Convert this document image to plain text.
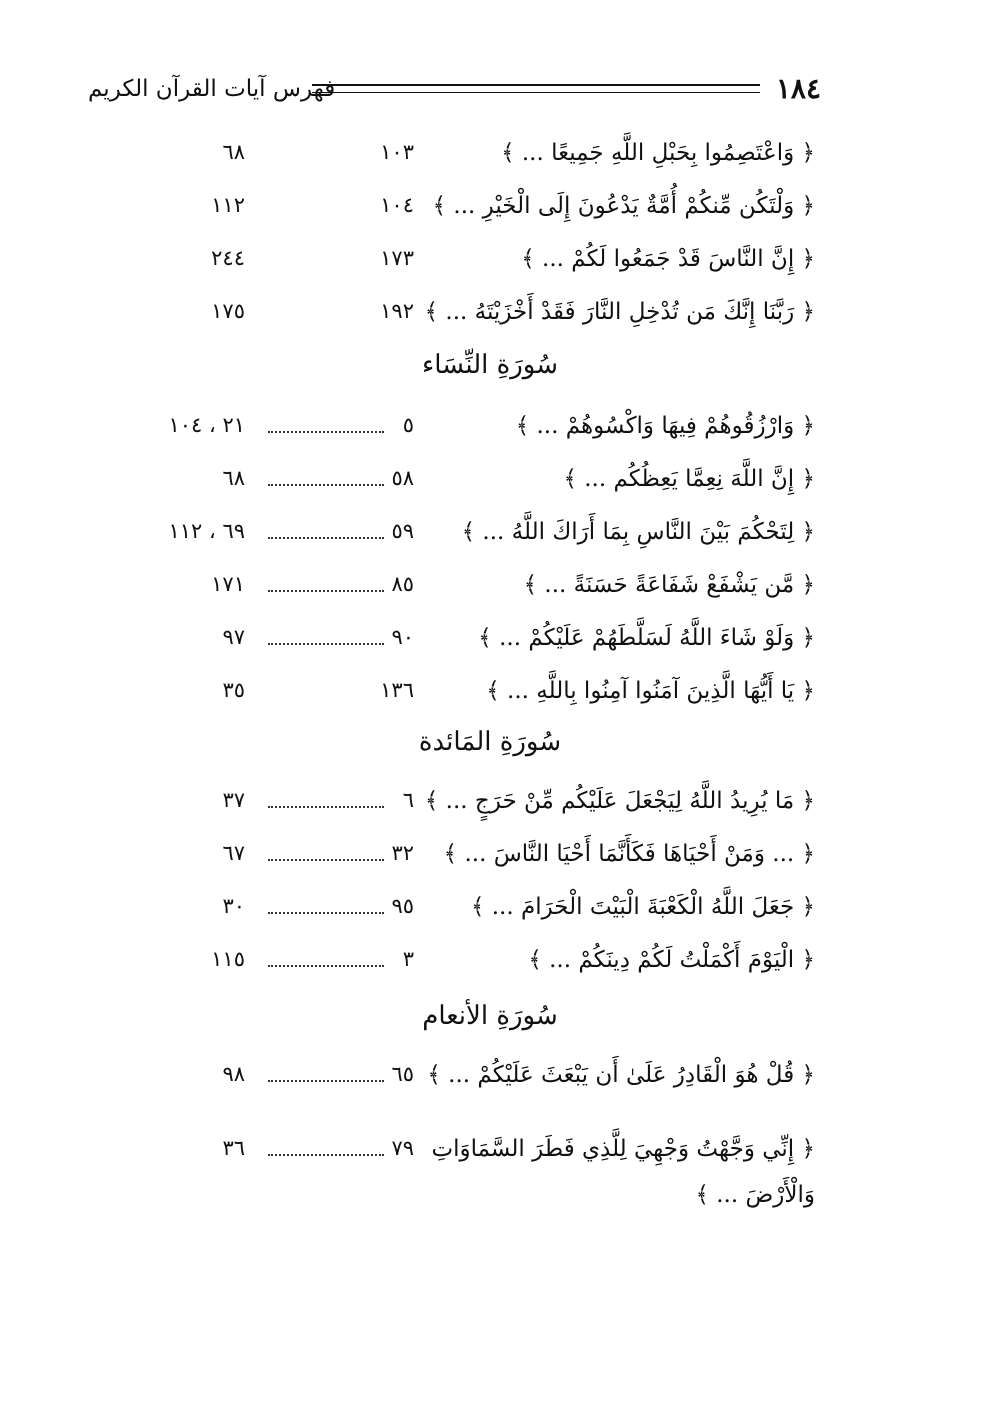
فهرس آيات القرآن الكريم	١٨٤
﴿ وَاعْتَصِمُوا بِحَبْلِ اللَّهِ جَمِيعًا ... ﴾
١٠٣
٦٨
﴿ وَلْتَكُن مِّنكُمْ أُمَّةٌ يَدْعُونَ إِلَى الْخَيْرِ ... ﴾
١٠٤
١١٢
﴿ إِنَّ النَّاسَ قَدْ جَمَعُوا لَكُمْ ... ﴾
١٧٣
٢٤٤
﴿ رَبَّنَا إِنَّكَ مَن تُدْخِلِ النَّارَ فَقَدْ أَخْزَيْتَهُ ... ﴾
١٩٢
١٧٥
سُورَةِ النِّسَاء
﴿ وَارْزُقُوهُمْ فِيهَا وَاكْسُوهُمْ ... ﴾
٥
٢١ ، ١٠٤
﴿ إِنَّ اللَّهَ نِعِمَّا يَعِظُكُم ... ﴾
٥٨
٦٨
﴿ لِتَحْكُمَ بَيْنَ النَّاسِ بِمَا أَرَاكَ اللَّهُ ... ﴾
٥٩
٦٩ ، ١١٢
﴿ مَّن يَشْفَعْ شَفَاعَةً حَسَنَةً ... ﴾
٨٥
١٧١
﴿ وَلَوْ شَاءَ اللَّهُ لَسَلَّطَهُمْ عَلَيْكُمْ ... ﴾
٩٠
٩٧
﴿ يَا أَيُّهَا الَّذِينَ آمَنُوا آمِنُوا بِاللَّهِ ... ﴾
١٣٦
٣٥
سُورَةِ المَائدة
﴿ مَا يُرِيدُ اللَّهُ لِيَجْعَلَ عَلَيْكُم مِّنْ حَرَجٍ ... ﴾
٦
٣٧
﴿ ... وَمَنْ أَحْيَاهَا فَكَأَنَّمَا أَحْيَا النَّاسَ ... ﴾
٣٢
٦٧
﴿ جَعَلَ اللَّهُ الْكَعْبَةَ الْبَيْتَ الْحَرَامَ ... ﴾
٩٥
٣٠
﴿ الْيَوْمَ أَكْمَلْتُ لَكُمْ دِينَكُمْ ... ﴾
٣
١١٥
سُورَةِ الأنعام
﴿ قُلْ هُوَ الْقَادِرُ عَلَىٰ أَن يَبْعَثَ عَلَيْكُمْ ... ﴾
٦٥
٩٨
﴿ إِنِّي وَجَّهْتُ وَجْهِيَ لِلَّذِي فَطَرَ السَّمَاوَاتِ
وَالْأَرْضَ ... ﴾
٧٩
٣٦
